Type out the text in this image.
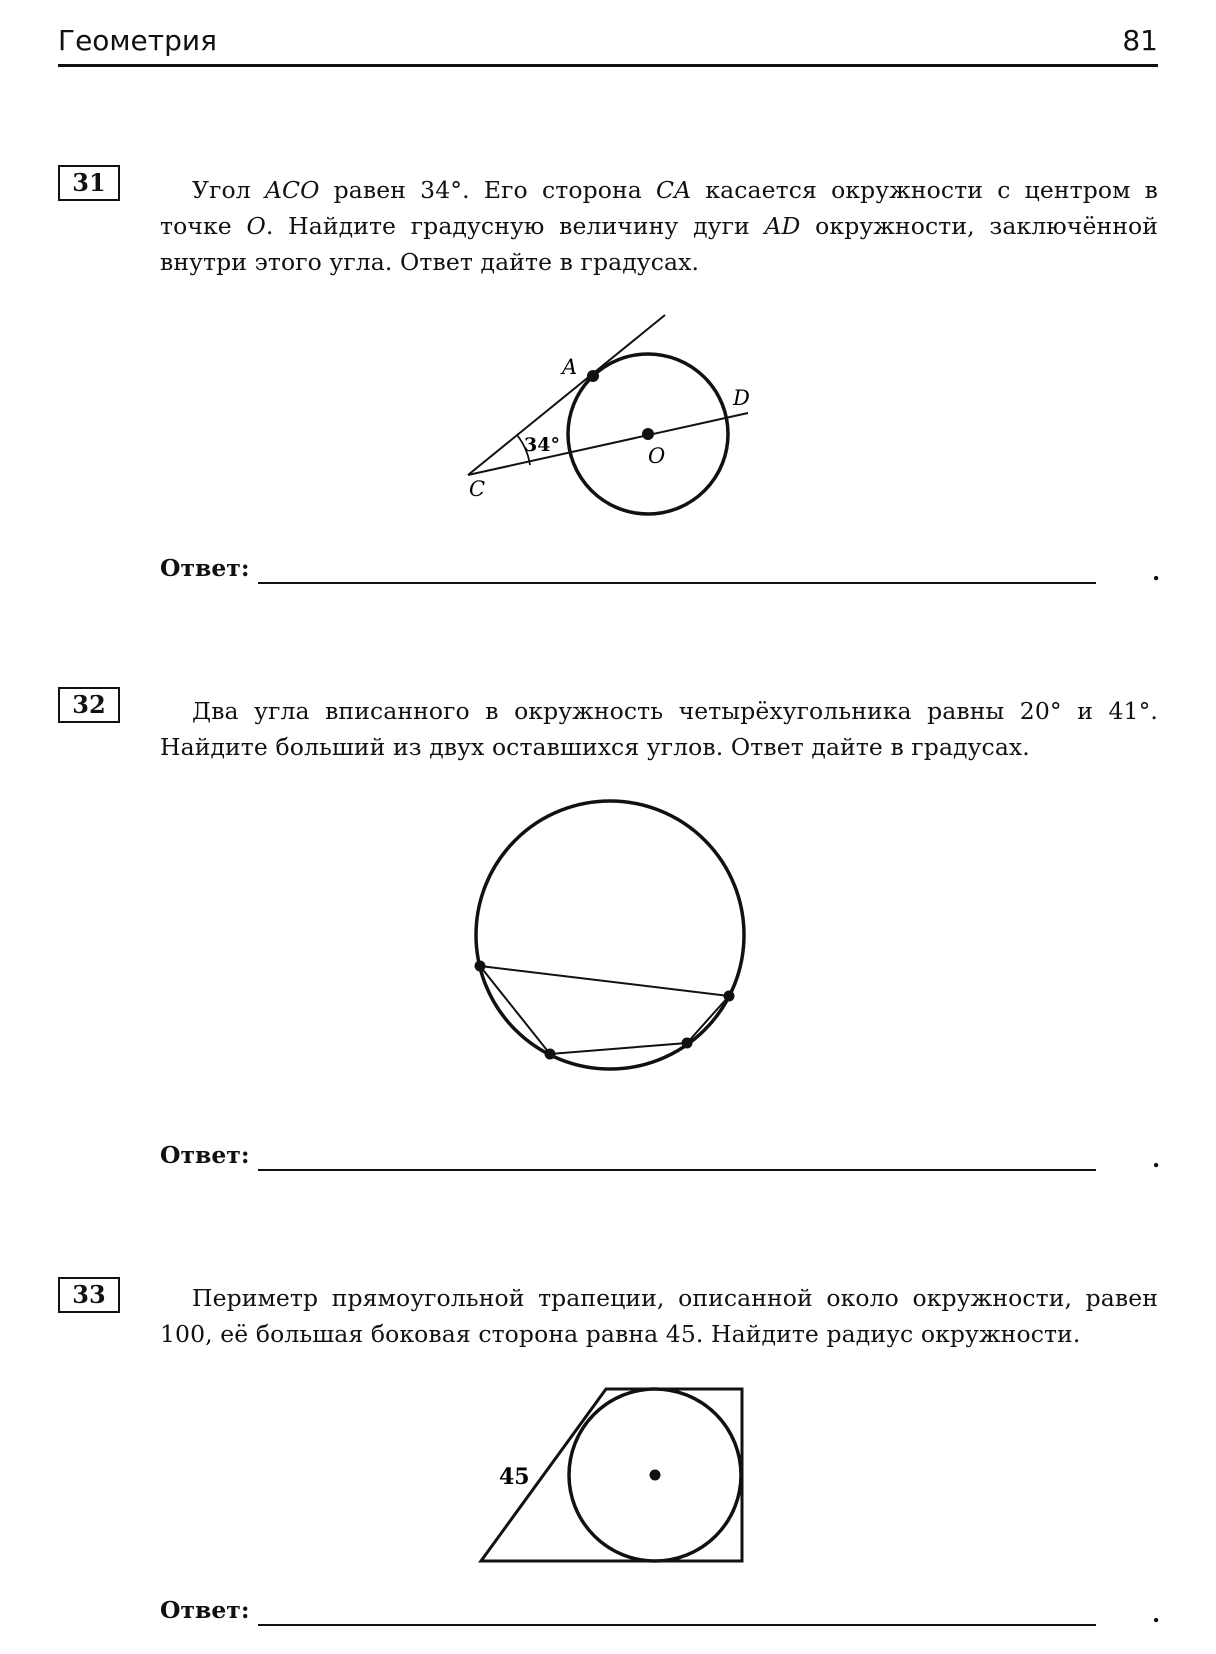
Геометрия	81
31	Угол ACO равен 34°. Его сторона CA касается окружности с центром в точке O. Найдите градусную величину дуги AD окружности, заключённой внутри этого угла. Ответ дайте в градусах.
A
D
O
C
34°
Ответ:	.
32	Два угла вписанного в окружность четырёхугольника равны 20° и 41°. Найдите больший из двух оставшихся углов. Ответ дайте в градусах.
Ответ:	.
33	Периметр прямоугольной трапеции, описанной около окружности, равен 100, её большая боковая сторона равна 45. Найдите радиус окружности.
45
Ответ:	.
